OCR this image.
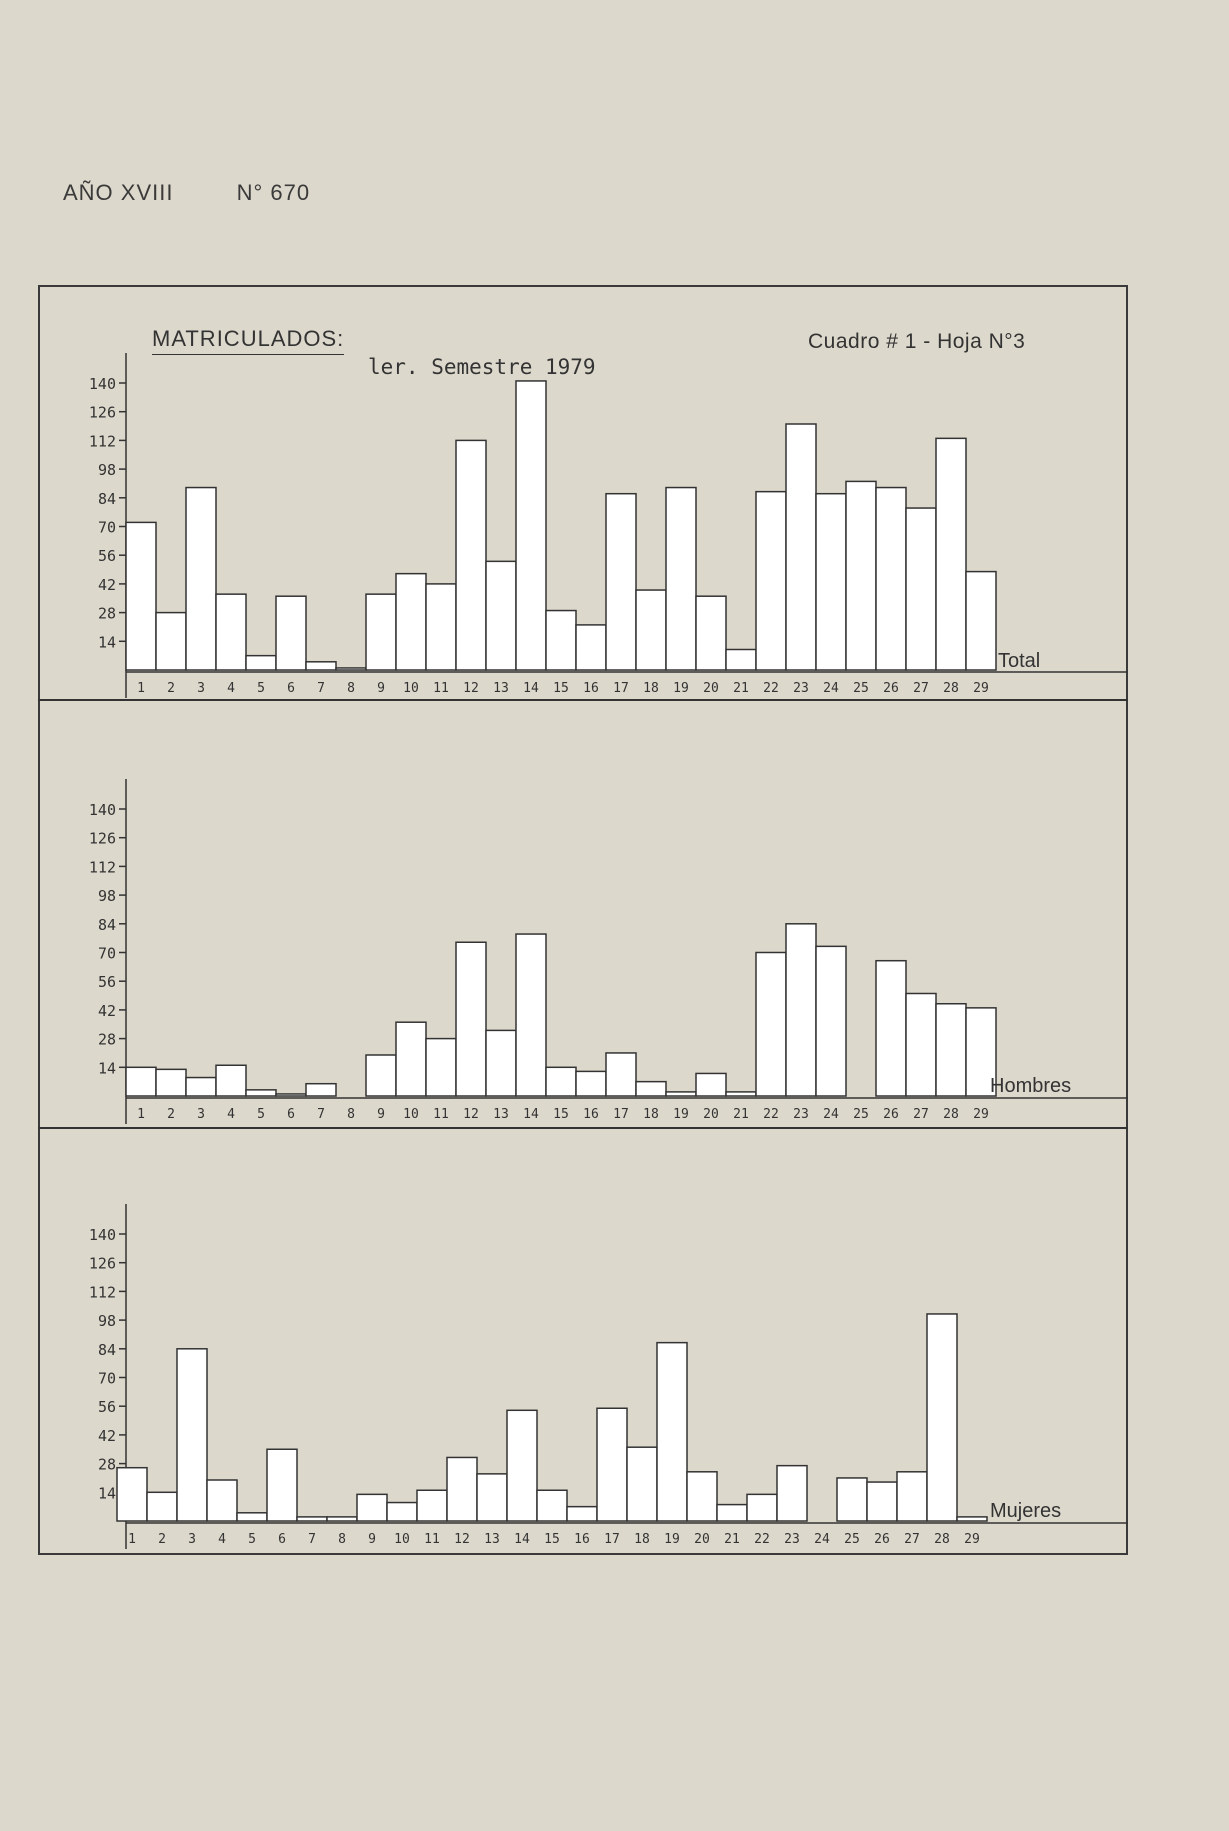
AÑO XVIII	N° 670
14
28
42
56
70
84
98
112
126
140
1 2 3 4 5 6 7 8 9 10 11 12 13 14 15 16 17 18 19 20 21 22 23 24 25 26 27 28 29
14
28
42
56
70
84
98
112
126
140
1 2 3 4 5 6 7 8 9 10 11 12 13 14 15 16 17 18 19 20 21 22 23 24 25 26 27 28 29
14
28
42
56
70
84
98
112
126
140
1 2 3 4 5 6 7 8 9 10 11 12 13 14 15 16 17 18 19 20 21 22 23 24 25 26 27 28 29
MATRICULADOS:
ler. Semestre 1979
Cuadro # 1 - Hoja N°3
Total
Hombres
Mujeres
